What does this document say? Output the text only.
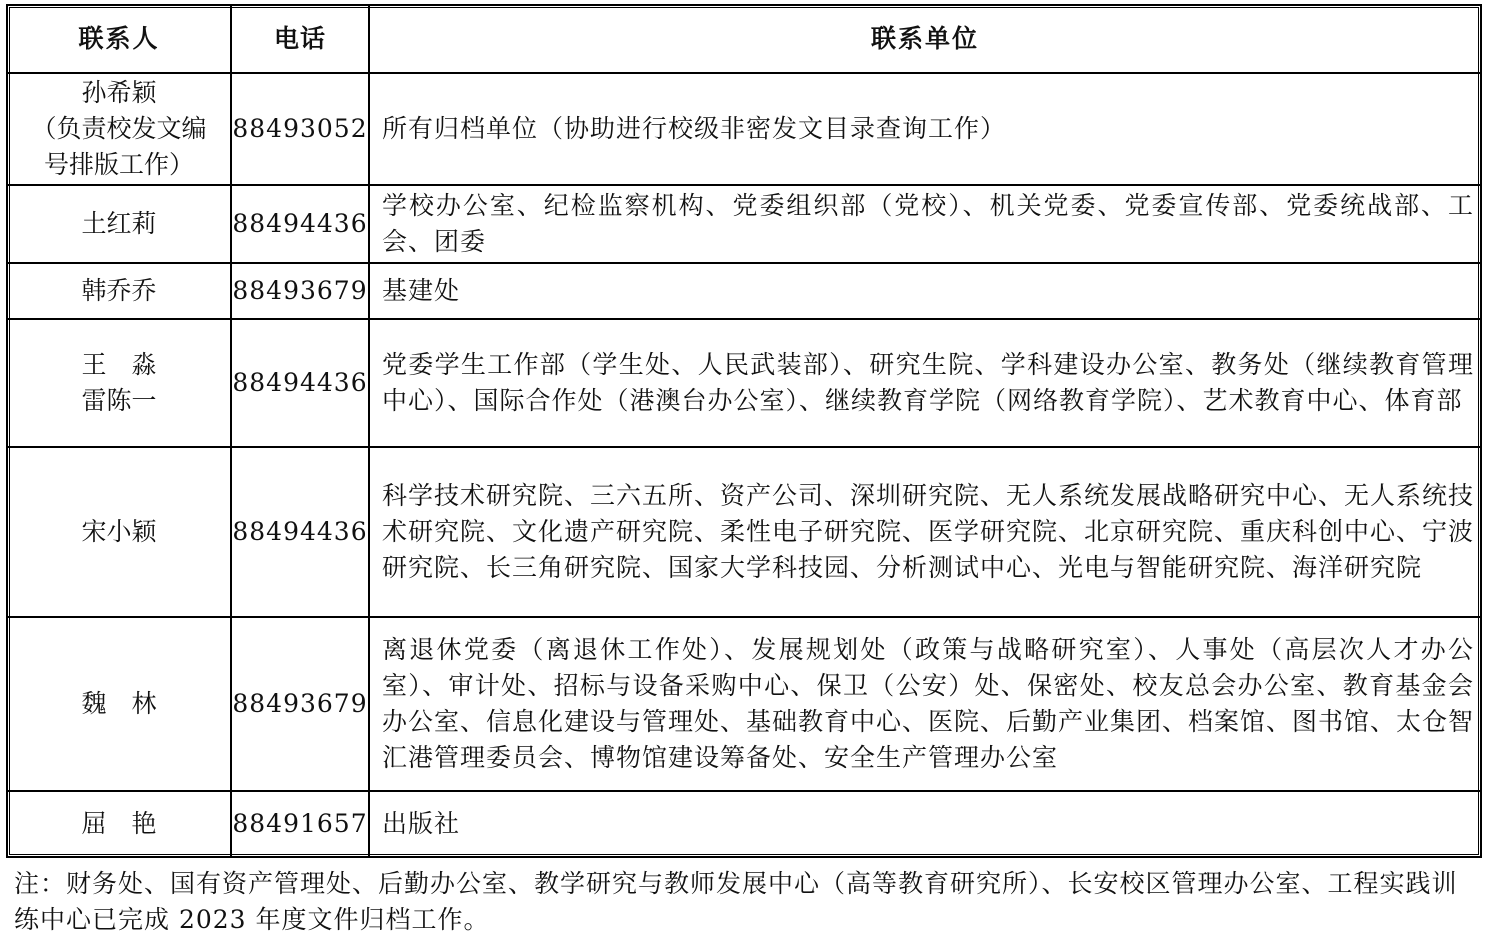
联系人	电话	联系单位

孙希颖
（负责校发文编
号排版工作）	88493052	所有归档单位（协助进行校级非密发文目录查询工作）

土红莉	88494436	学校办公室、纪检监察机构、党委组织部（党校）、机关党委、党委宣传部、党委统战部、工会、团委

韩乔乔	88493679	基建处

王　淼
雷陈一	88494436	党委学生工作部（学生处、人民武装部）、研究生院、学科建设办公室、教务处（继续教育管理中心）、国际合作处（港澳台办公室）、继续教育学院（网络教育学院）、艺术教育中心、体育部

宋小颖	88494436	科学技术研究院、三六五所、资产公司、深圳研究院、无人系统发展战略研究中心、无人系统技术研究院、文化遗产研究院、柔性电子研究院、医学研究院、北京研究院、重庆科创中心、宁波研究院、长三角研究院、国家大学科技园、分析测试中心、光电与智能研究院、海洋研究院

魏　林	88493679	离退休党委（离退休工作处）、发展规划处（政策与战略研究室）、人事处（高层次人才办公室）、审计处、招标与设备采购中心、保卫（公安）处、保密处、校友总会办公室、教育基金会办公室、信息化建设与管理处、基础教育中心、医院、后勤产业集团、档案馆、图书馆、太仓智汇港管理委员会、博物馆建设筹备处、安全生产管理办公室

屈　艳	88491657	出版社

注：财务处、国有资产管理处、后勤办公室、教学研究与教师发展中心（高等教育研究所）、长安校区管理办公室、工程实践训练中心已完成 2023 年度文件归档工作。
